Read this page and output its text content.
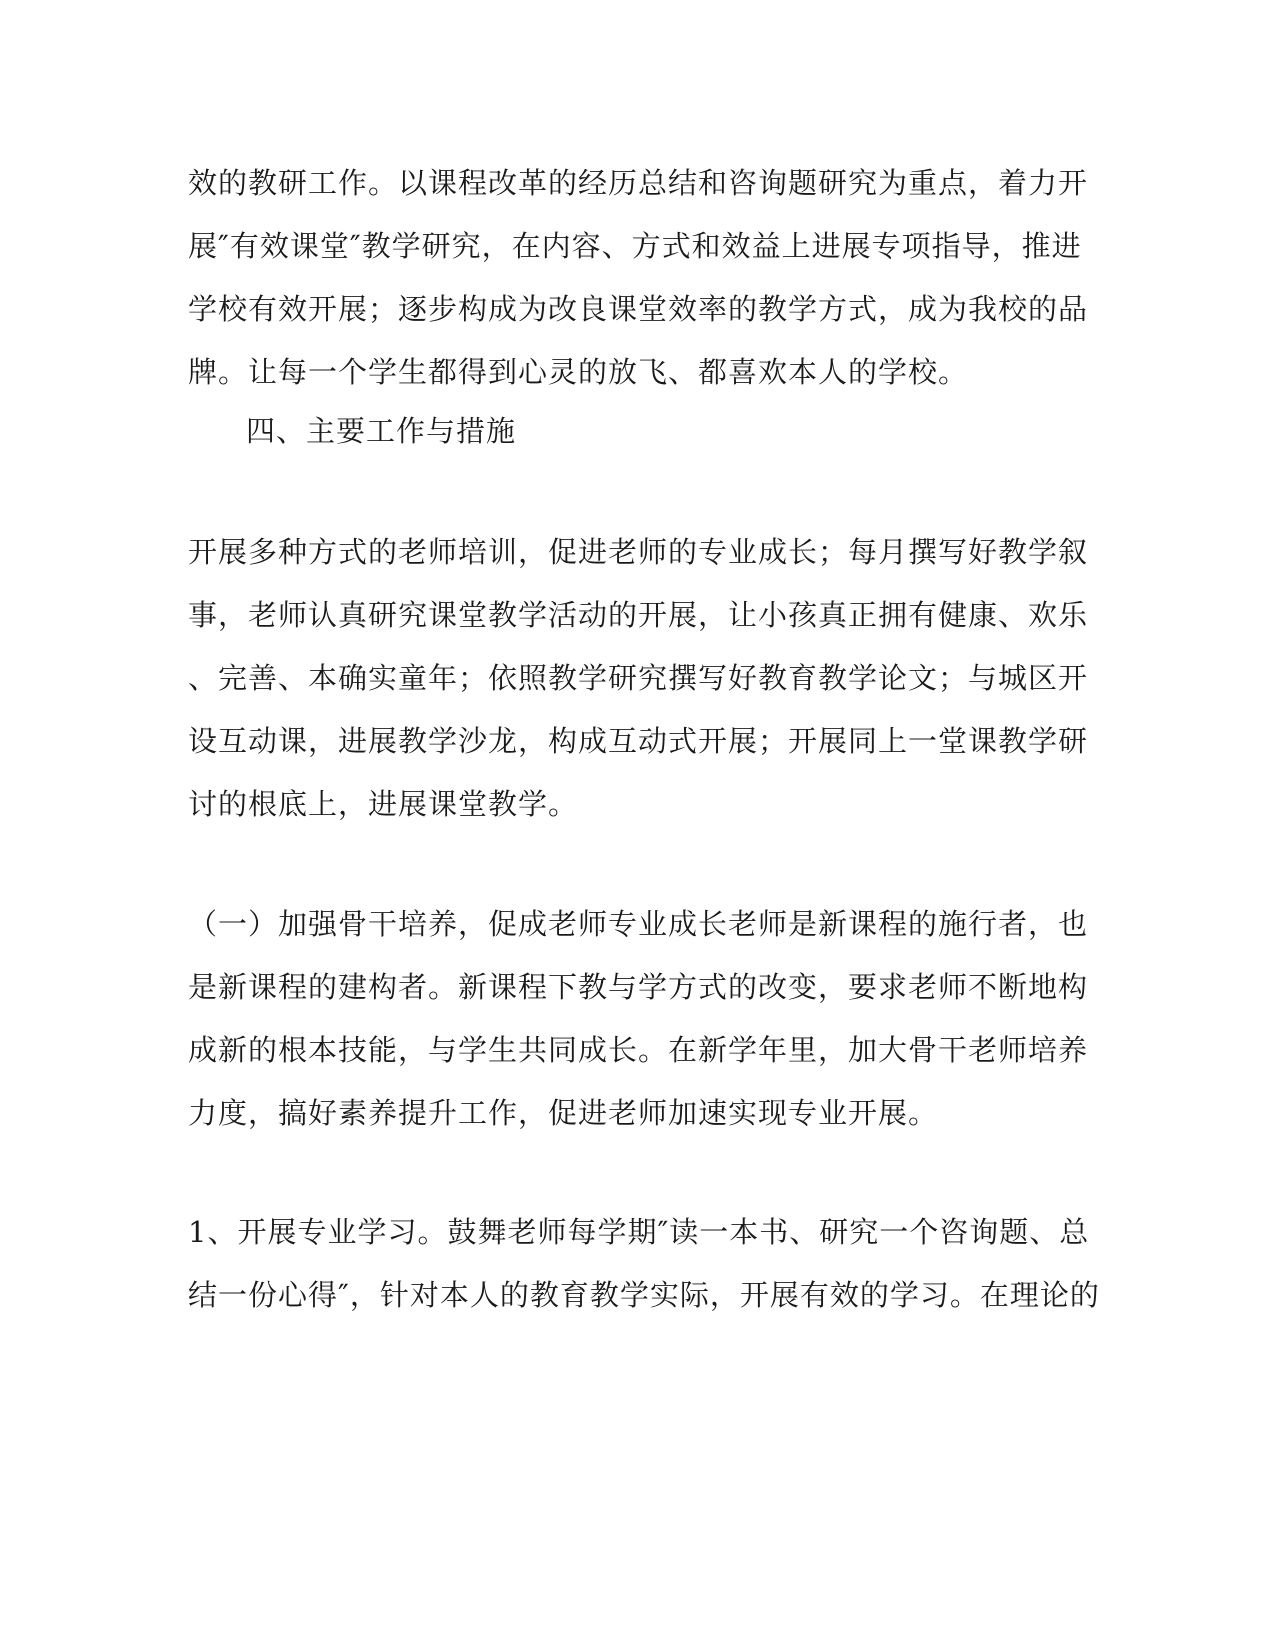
效的教研工作。以课程改革的经历总结和咨询题研究为重点，着力开
展″有效课堂″教学研究，在内容、方式和效益上进展专项指导，推进
学校有效开展；逐步构成为改良课堂效率的教学方式，成为我校的品
牌。让每一个学生都得到心灵的放飞、都喜欢本人的学校。

四、主要工作与措施

开展多种方式的老师培训，促进老师的专业成长；每月撰写好教学叙
事，老师认真研究课堂教学活动的开展，让小孩真正拥有健康、欢乐
、完善、本确实童年；依照教学研究撰写好教育教学论文；与城区开
设互动课，进展教学沙龙，构成互动式开展；开展同上一堂课教学研
讨的根底上，进展课堂教学。

（一）加强骨干培养，促成老师专业成长老师是新课程的施行者，也
是新课程的建构者。新课程下教与学方式的改变，要求老师不断地构
成新的根本技能，与学生共同成长。在新学年里，加大骨干老师培养
力度，搞好素养提升工作，促进老师加速实现专业开展。

1、开展专业学习。鼓舞老师每学期″读一本书、研究一个咨询题、总
结一份心得″，针对本人的教育教学实际，开展有效的学习。在理论的
